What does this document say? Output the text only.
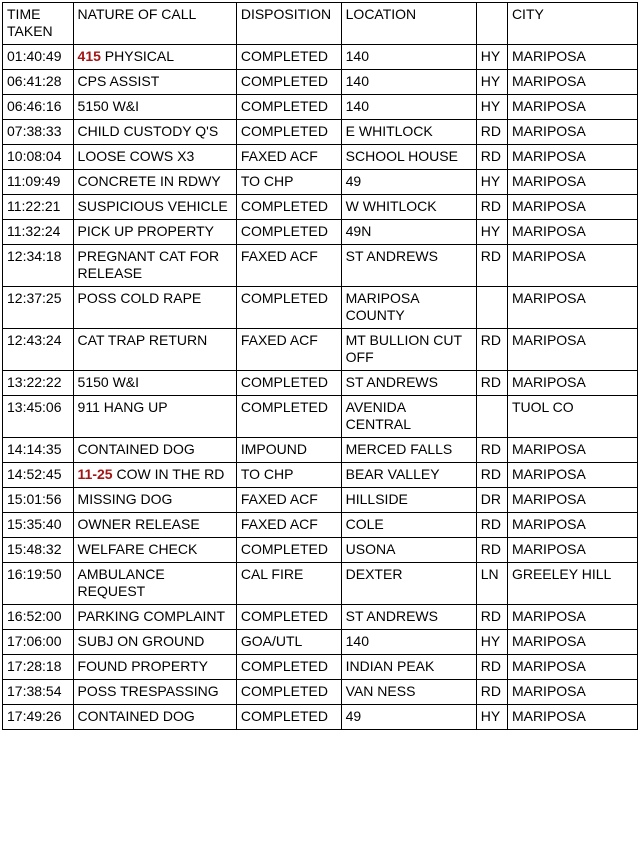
TIME TAKEN	NATURE OF CALL	DISPOSITION	LOCATION		CITY
01:40:49	415 PHYSICAL	COMPLETED	140	HY	MARIPOSA
06:41:28	CPS ASSIST	COMPLETED	140	HY	MARIPOSA
06:46:16	5150 W&I	COMPLETED	140	HY	MARIPOSA
07:38:33	CHILD CUSTODY Q'S	COMPLETED	E WHITLOCK	RD	MARIPOSA
10:08:04	LOOSE COWS X3	FAXED ACF	SCHOOL HOUSE	RD	MARIPOSA
11:09:49	CONCRETE IN RDWY	TO CHP	49	HY	MARIPOSA
11:22:21	SUSPICIOUS VEHICLE	COMPLETED	W WHITLOCK	RD	MARIPOSA
11:32:24	PICK UP PROPERTY	COMPLETED	49N	HY	MARIPOSA
12:34:18	PREGNANT CAT FOR RELEASE	FAXED ACF	ST ANDREWS	RD	MARIPOSA
12:37:25	POSS COLD RAPE	COMPLETED	MARIPOSA COUNTY		MARIPOSA
12:43:24	CAT TRAP RETURN	FAXED ACF	MT BULLION CUT OFF	RD	MARIPOSA
13:22:22	5150 W&I	COMPLETED	ST ANDREWS	RD	MARIPOSA
13:45:06	911 HANG UP	COMPLETED	AVENIDA CENTRAL		TUOL CO
14:14:35	CONTAINED DOG	IMPOUND	MERCED FALLS	RD	MARIPOSA
14:52:45	11-25 COW IN THE RD	TO CHP	BEAR VALLEY	RD	MARIPOSA
15:01:56	MISSING DOG	FAXED ACF	HILLSIDE	DR	MARIPOSA
15:35:40	OWNER RELEASE	FAXED ACF	COLE	RD	MARIPOSA
15:48:32	WELFARE CHECK	COMPLETED	USONA	RD	MARIPOSA
16:19:50	AMBULANCE REQUEST	CAL FIRE	DEXTER	LN	GREELEY HILL
16:52:00	PARKING COMPLAINT	COMPLETED	ST ANDREWS	RD	MARIPOSA
17:06:00	SUBJ ON GROUND	GOA/UTL	140	HY	MARIPOSA
17:28:18	FOUND PROPERTY	COMPLETED	INDIAN PEAK	RD	MARIPOSA
17:38:54	POSS TRESPASSING	COMPLETED	VAN NESS	RD	MARIPOSA
17:49:26	CONTAINED DOG	COMPLETED	49	HY	MARIPOSA
